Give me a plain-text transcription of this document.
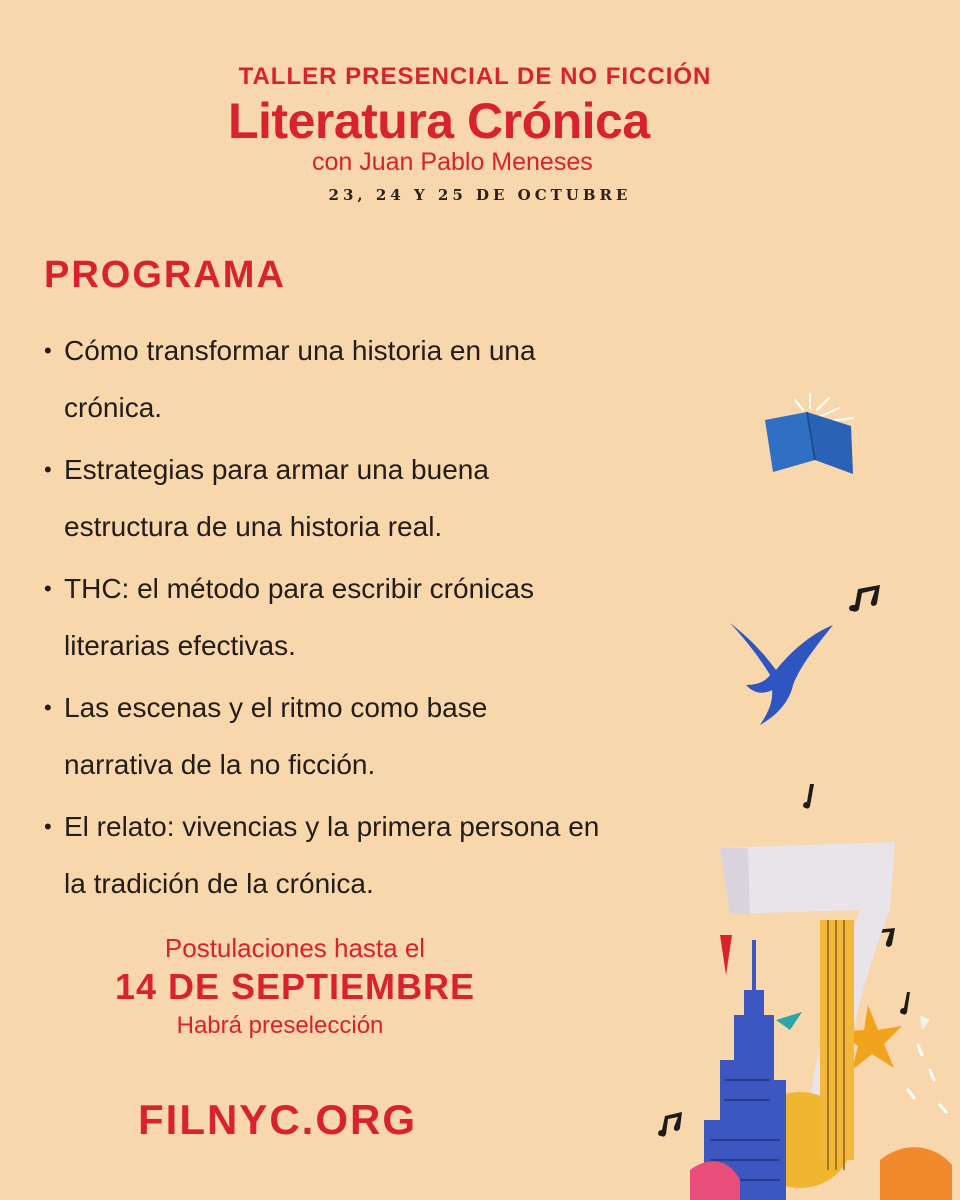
TALLER PRESENCIAL DE NO FICCIÓN
Literatura Crónica
con Juan Pablo Meneses
23, 24 Y 25 DE OCTUBRE
PROGRAMA
• Cómo transformar una historia en una
crónica.
• Estrategias para armar una buena
estructura de una historia real.
• THC: el método para escribir crónicas
literarias efectivas.
• Las escenas y el ritmo como base
narrativa de la no ficción.
• El relato: vivencias y la primera persona en
la tradición de la crónica.
Postulaciones hasta el
14 DE SEPTIEMBRE
Habrá preselección
FILNYC.ORG
